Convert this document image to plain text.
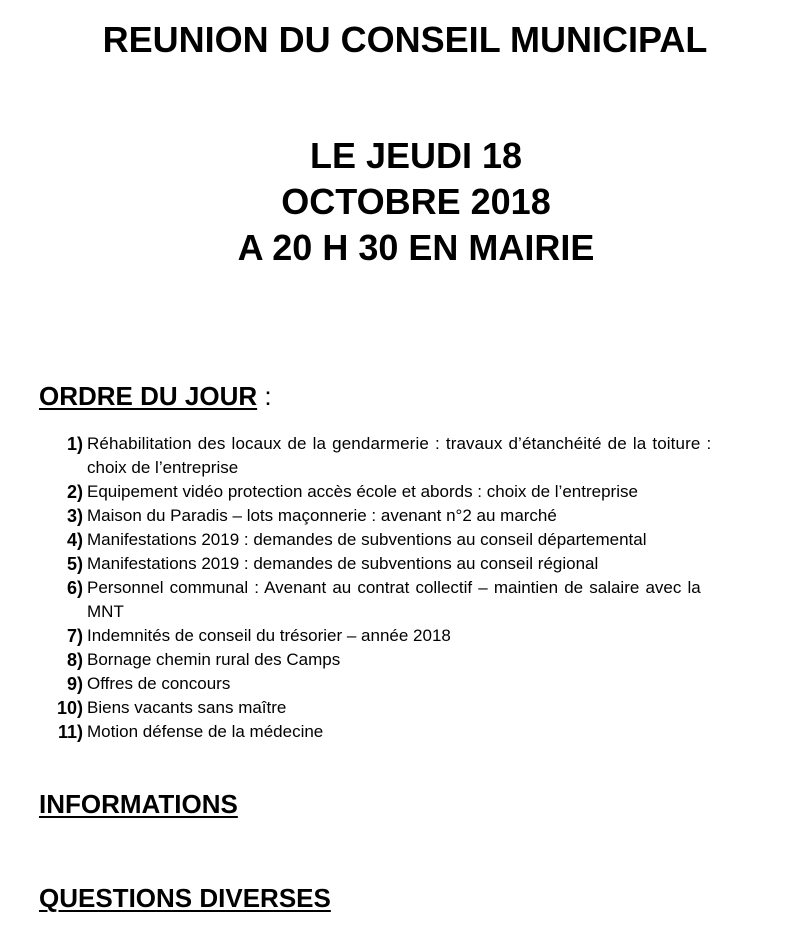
REUNION DU CONSEIL MUNICIPAL
LE JEUDI 18
OCTOBRE 2018
A 20 H 30 EN MAIRIE
ORDRE DU JOUR :
1) Réhabilitation des locaux de la gendarmerie : travaux d’étanchéité de la toiture :
choix de l’entreprise
2) Equipement vidéo protection accès école et abords : choix de l’entreprise
3) Maison du Paradis – lots maçonnerie : avenant n°2 au marché
4) Manifestations 2019 : demandes de subventions au conseil départemental
5) Manifestations 2019 : demandes de subventions au conseil régional
6) Personnel communal : Avenant au contrat collectif – maintien de salaire avec la
MNT
7) Indemnités de conseil du trésorier – année 2018
8) Bornage chemin rural des Camps
9) Offres de concours
10) Biens vacants sans maître
11) Motion défense de la médecine
INFORMATIONS
QUESTIONS DIVERSES
